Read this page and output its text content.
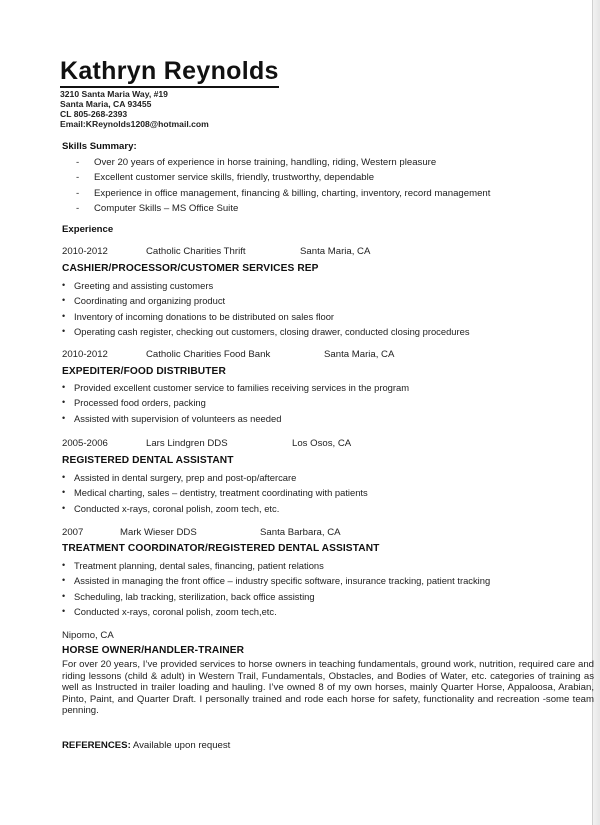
Kathryn Reynolds
3210 Santa Maria Way, #19
Santa Maria, CA 93455
CL 805-268-2393
Email:KReynolds1208@hotmail.com
Skills Summary:
- Over 20 years of experience in horse training, handling, riding, Western pleasure
- Excellent customer service skills, friendly, trustworthy, dependable
- Experience in office management, financing & billing, charting, inventory, record management
- Computer Skills – MS Office Suite
Experience
2010-2012	Catholic Charities Thrift	Santa Maria, CA
CASHIER/PROCESSOR/CUSTOMER SERVICES REP
• Greeting and assisting customers
• Coordinating and organizing product
• Inventory of incoming donations to be distributed on sales floor
• Operating cash register, checking out customers, closing drawer, conducted closing procedures
2010-2012	Catholic Charities Food Bank	Santa Maria, CA
EXPEDITER/FOOD DISTRIBUTER
• Provided excellent customer service to families receiving services in the program
• Processed food orders, packing
• Assisted with supervision of volunteers as needed
2005-2006	Lars Lindgren DDS	Los Osos, CA
REGISTERED DENTAL ASSISTANT
• Assisted in dental surgery, prep and post-op/aftercare
• Medical charting, sales – dentistry, treatment coordinating with patients
• Conducted x-rays, coronal polish, zoom tech, etc.
2007	Mark Wieser DDS	Santa Barbara, CA
TREATMENT COORDINATOR/REGISTERED DENTAL ASSISTANT
• Treatment planning, dental sales, financing, patient relations
• Assisted in managing the front office – industry specific software, insurance tracking, patient tracking
• Scheduling, lab tracking, sterilization, back office assisting
• Conducted x-rays, coronal polish, zoom tech,etc.
Nipomo, CA
HORSE OWNER/HANDLER-TRAINER
For over 20 years, I’ve provided services to horse owners in teaching fundamentals, ground work, nutrition, required care and riding lessons (child & adult) in Western Trail, Fundamentals, Obstacles, and Bodies of Water, etc. categories of training as well as Instructed in trailer loading and hauling. I’ve owned 8 of my own horses, mainly Quarter Horse, Appaloosa, Arabian, Pinto, Paint, and Quarter Draft. I personally trained and rode each horse for safety, functionality and recreation -some team penning.
REFERENCES: Available upon request
